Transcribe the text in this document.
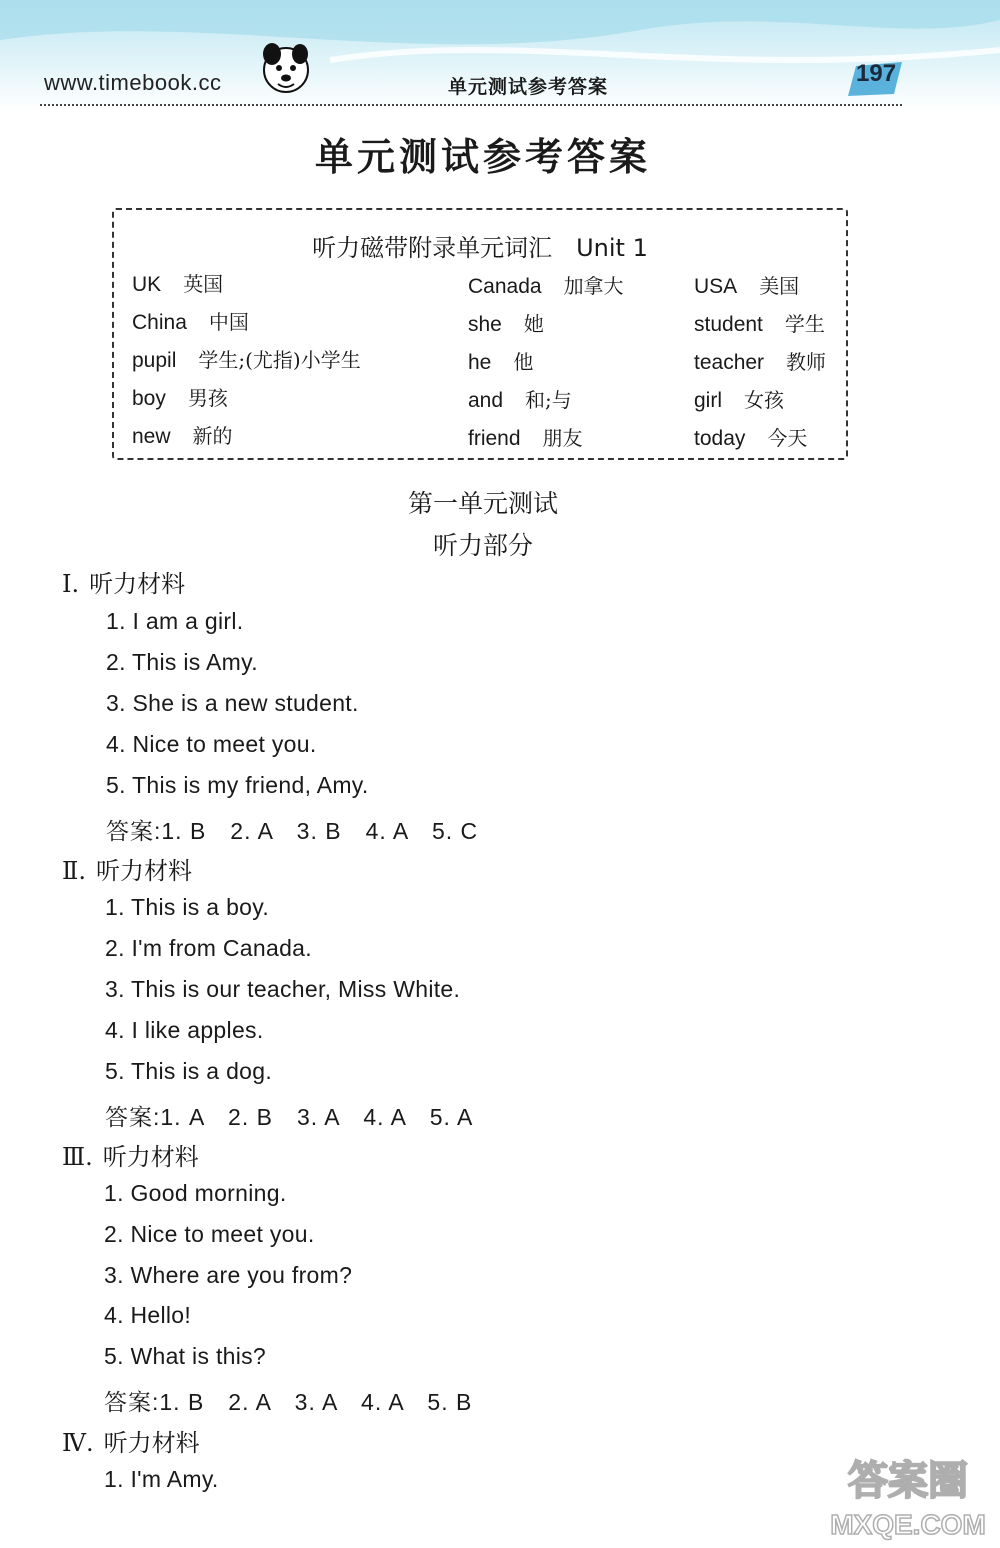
www.timebook.cc	单元测试参考答案	197
单元测试参考答案
听力磁带附录单元词汇　Unit 1
UK 英国	Canada 加拿大	USA 美国
China 中国	she 她	student 学生
pupil 学生;(尤指)小学生	he 他	teacher 教师
boy 男孩	and 和;与	girl 女孩
new 新的	friend 朋友	today 今天
第一单元测试
听力部分
Ⅰ. 听力材料
1. I am a girl.
2. This is Amy.
3. She is a new student.
4. Nice to meet you.
5. This is my friend, Amy.
答案:1. B　2. A　3. B　4. A　5. C
Ⅱ. 听力材料
1. This is a boy.
2. I'm from Canada.
3. This is our teacher, Miss White.
4. I like apples.
5. This is a dog.
答案:1. A　2. B　3. A　4. A　5. A
Ⅲ. 听力材料
1. Good morning.
2. Nice to meet you.
3. Where are you from?
4. Hello!
5. What is this?
答案:1. B　2. A　3. A　4. A　5. B
Ⅳ. 听力材料
1. I'm Amy.	答案圈
MXQE.COM
